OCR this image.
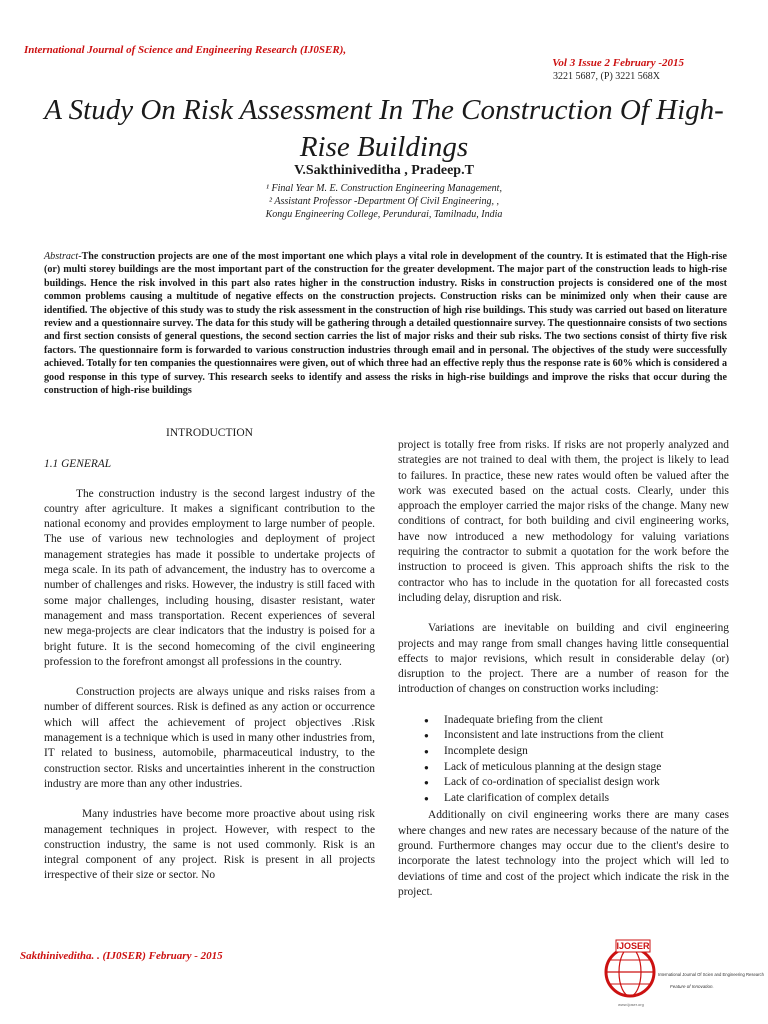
International Journal of Science and Engineering Research (IJ0SER),
Vol 3 Issue 2 February -2015
3221 5687, (P) 3221 568X
A Study On Risk Assessment In The Construction Of High-Rise Buildings
V.Sakthiniveditha , Pradeep.T
¹ Final Year M. E. Construction Engineering Management,
² Assistant Professor -Department Of Civil Engineering, ,
Kongu Engineering College, Perundurai, Tamilnadu, India
Abstract-The construction projects are one of the most important one which plays a vital role in development of the country. It is estimated that the High-rise (or) multi storey buildings are the most important part of the construction for the greater development. The major part of the construction leads to high-rise buildings. Hence the risk involved in this part also rates higher in the construction industry. Risks in construction projects is considered one of the most common problems causing a multitude of negative effects on the construction projects. Construction risks can be minimized only when their cause are identified. The objective of this study was to study the risk assessment in the construction of high rise buildings. This study was carried out based on literature review and a questionnaire survey. The data for this study will be gathering through a detailed questionnaire survey. The questionnaire consists of two sections and first section consists of general questions, the second section carries the list of major risks and their sub risks. The two sections consist of thirty five risk factors. The questionnaire form is forwarded to various construction industries through email and in personal. The objectives of the study were successfully achieved. Totally for ten companies the questionnaires were given, out of which three had an effective reply thus the response rate is 60% which is considered a good response in this type of survey. This research seeks to identify and assess the risks in high-rise buildings and improve the risks that occur during the construction of high-rise buildings
INTRODUCTION
1.1 GENERAL

The construction industry is the second largest industry of the country after agriculture. It makes a significant contribution to the national economy and provides employment to large number of people. The use of various new technologies and deployment of project management strategies has made it possible to undertake projects of mega scale. In its path of advancement, the industry has to overcome a number of challenges and risks. However, the industry is still faced with some major challenges, including housing, disaster resistant, water management and mass transportation. Recent experiences of several new mega-projects are clear indicators that the industry is poised for a bright future. It is the second homecoming of the civil engineering profession to the forefront amongst all professions in the country.

Construction projects are always unique and risks raises from a number of different sources. Risk is defined as any action or occurrence which will affect the achievement of project objectives .Risk management is a technique which is used in many other industries from, IT related to business, automobile, pharmaceutical industry, to the construction sector. Risks and uncertainties inherent in the construction industry are more than any other industries.

Many industries have become more proactive about using risk management techniques in project. However, with respect to the construction industry, the same is not used commonly. Risk is an integral component of any project. Risk is present in all projects irrespective of their size or sector. No

project is totally free from risks. If risks are not properly analyzed and strategies are not trained to deal with them, the project is likely to lead to failures. In practice, these new rates would often be valued after the work was executed based on the actual costs. Clearly, under this approach the employer carried the major risks of the change. Many new conditions of contract, for both building and civil engineering works, have now introduced a new methodology for valuing variations requiring the contractor to submit a quotation for the work before the instruction to proceed is given. This approach shifts the risk to the contractor who has to include in the quotation for all forecasted costs including delay, disruption and risk.

Variations are inevitable on building and civil engineering projects and may range from small changes having little consequential effects to major revisions, which result in considerable delay (or) disruption to the project. There are a number of reason for the introduction of changes on construction works including:

● Inadequate briefing from the client
● Inconsistent and late instructions from the client
● Incomplete design
● Lack of meticulous planning at the design stage
● Lack of co-ordination of specialist design work
● Late clarification of complex details

Additionally on civil engineering works there are many cases where changes and new rates are necessary because of the nature of the ground. Furthermore changes may occur due to the client's desire to incorporate the latest technology into the project which will led to deviations of time and cost of the project which indicate the risk in the project.

Sakthiniveditha. . (IJ0SER) February - 2015
IJOSER
International Journal Of Scien and Engineering Research
Feature of Innovation.
www.ijoser.org
